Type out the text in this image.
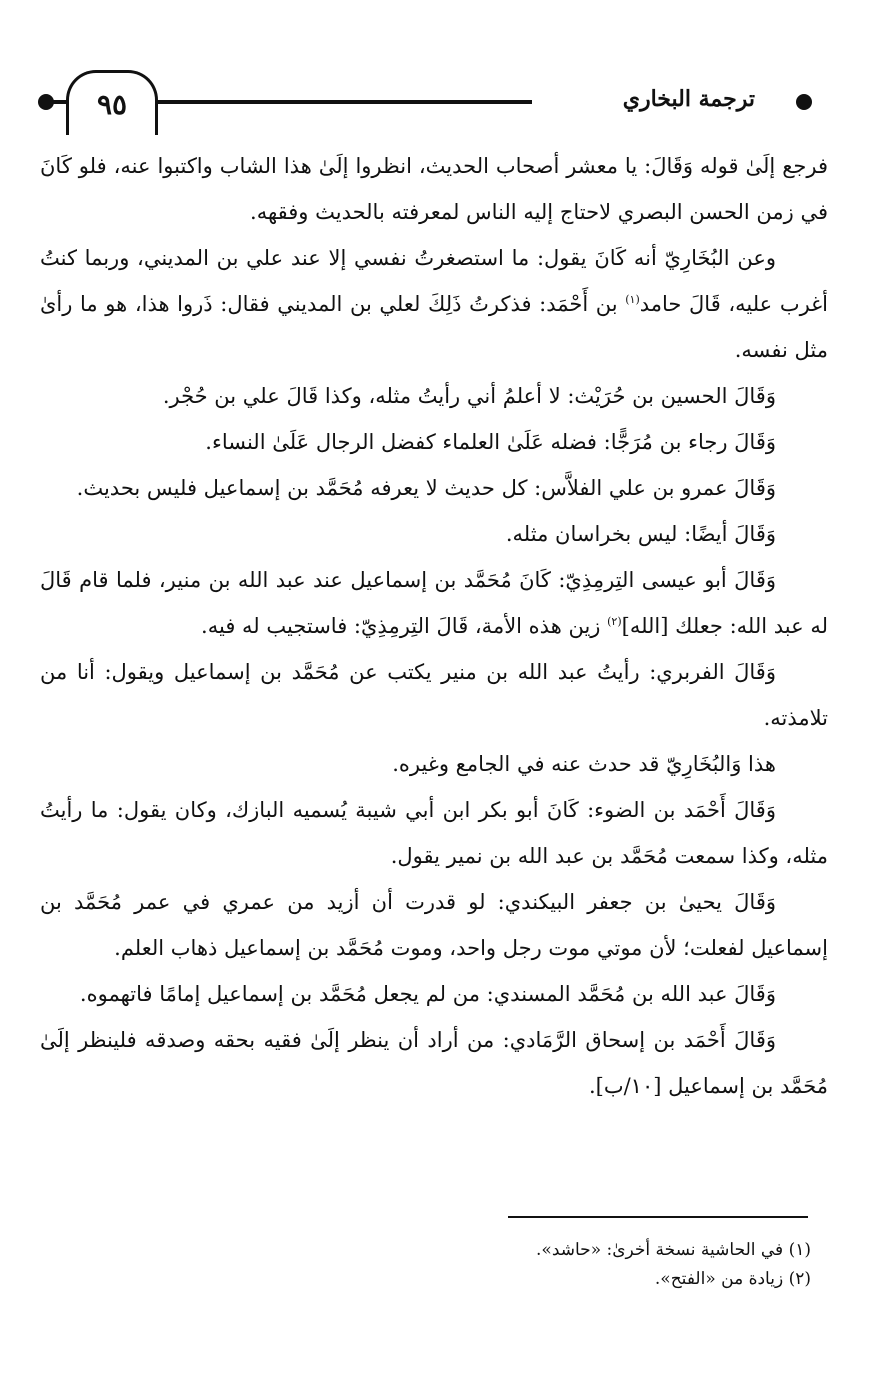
٩٥	ترجمة البخاري

فرجع إلَىٰ قوله وَقَالَ: يا معشر أصحاب الحديث، انظروا إلَىٰ هذا الشاب واكتبوا عنه، فلو كَانَ في زمن الحسن البصري لاحتاج إليه الناس لمعرفته بالحديث وفقهه.

وعن البُخَارِيّ أنه كَانَ يقول: ما استصغرتُ نفسي إلا عند علي بن المديني، وربما كنتُ أغرب عليه، قَالَ حامد$^{(١)}$ بن أَحْمَد: فذكرتُ ذَلِكَ لعلي بن المديني فقال: ذَروا هذا، هو ما رأىٰ مثل نفسه.

وَقَالَ الحسين بن حُرَيْث: لا أعلمُ أني رأيتُ مثله، وكذا قَالَ علي بن حُجْر.

وَقَالَ رجاء بن مُرَجًّا: فضله عَلَىٰ العلماء كفضل الرجال عَلَىٰ النساء.

وَقَالَ عمرو بن علي الفلاَّس: كل حديث لا يعرفه مُحَمَّد بن إسماعيل فليس بحديث.

وَقَالَ أيضًا: ليس بخراسان مثله.

وَقَالَ أبو عيسى التِرمِذِيّ: كَانَ مُحَمَّد بن إسماعيل عند عبد الله بن منير، فلما قام قَالَ له عبد الله: جعلك [الله]$^{(٢)}$ زين هذه الأمة، قَالَ التِرمِذِيّ: فاستجيب له فيه.

وَقَالَ الفربري: رأيتُ عبد الله بن منير يكتب عن مُحَمَّد بن إسماعيل ويقول: أنا من تلامذته.

هذا وَالبُخَارِيّ قد حدث عنه في الجامع وغيره.

وَقَالَ أَحْمَد بن الضوء: كَانَ أبو بكر ابن أبي شيبة يُسميه البازك، وكان يقول: ما رأيتُ مثله، وكذا سمعت مُحَمَّد بن عبد الله بن نمير يقول.

وَقَالَ يحيىٰ بن جعفر البيكندي: لو قدرت أن أزيد من عمري في عمر مُحَمَّد بن إسماعيل لفعلت؛ لأن موتي موت رجل واحد، وموت مُحَمَّد بن إسماعيل ذهاب العلم.

وَقَالَ عبد الله بن مُحَمَّد المسندي: من لم يجعل مُحَمَّد بن إسماعيل إمامًا فاتهموه.

وَقَالَ أَحْمَد بن إسحاق الرَّمَادي: من أراد أن ينظر إلَىٰ فقيه بحقه وصدقه فلينظر إلَىٰ مُحَمَّد بن إسماعيل [١٠/ب].

(١) في الحاشية نسخة أخرىٰ: «حاشد».

(٢) زيادة من «الفتح».
